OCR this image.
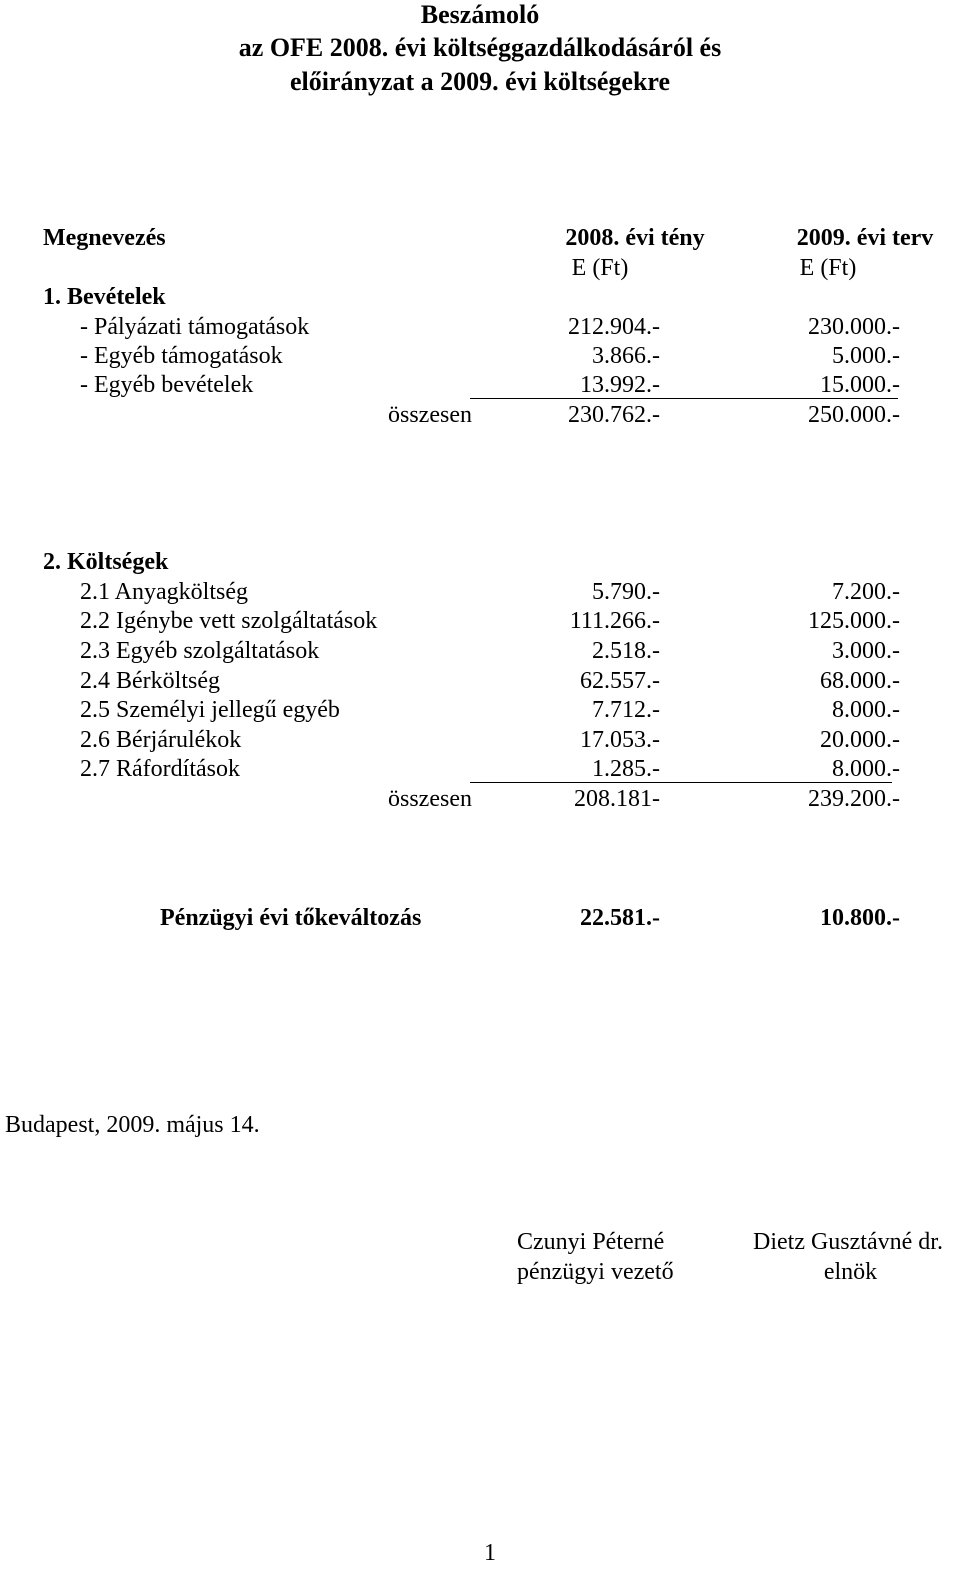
Beszámoló
az OFE 2008. évi költséggazdálkodásáról és
előirányzat a 2009. évi költségekre
Megnevezés	2008. évi tény	2009. évi terv
E (Ft)	E (Ft)
1. Bevételek
- Pályázati támogatások	212.904.-	230.000.-
- Egyéb támogatások	3.866.-	5.000.-
- Egyéb bevételek	13.992.-	15.000.-
összesen	230.762.-	250.000.-
2. Költségek
2.1 Anyagköltség	5.790.-	7.200.-
2.2 Igénybe vett szolgáltatások	111.266.-	125.000.-
2.3 Egyéb szolgáltatások	2.518.-	3.000.-
2.4 Bérköltség	62.557.-	68.000.-
2.5 Személyi jellegű egyéb	7.712.-	8.000.-
2.6 Bérjárulékok	17.053.-	20.000.-
2.7 Ráfordítások	1.285.-	8.000.-
összesen	208.181-	239.200.-
Pénzügyi évi tőkeváltozás	22.581.-	10.800.-
Budapest, 2009. május 14.
Czunyi Péterné
pénzügyi vezető
Dietz Gusztávné dr.
elnök
1
